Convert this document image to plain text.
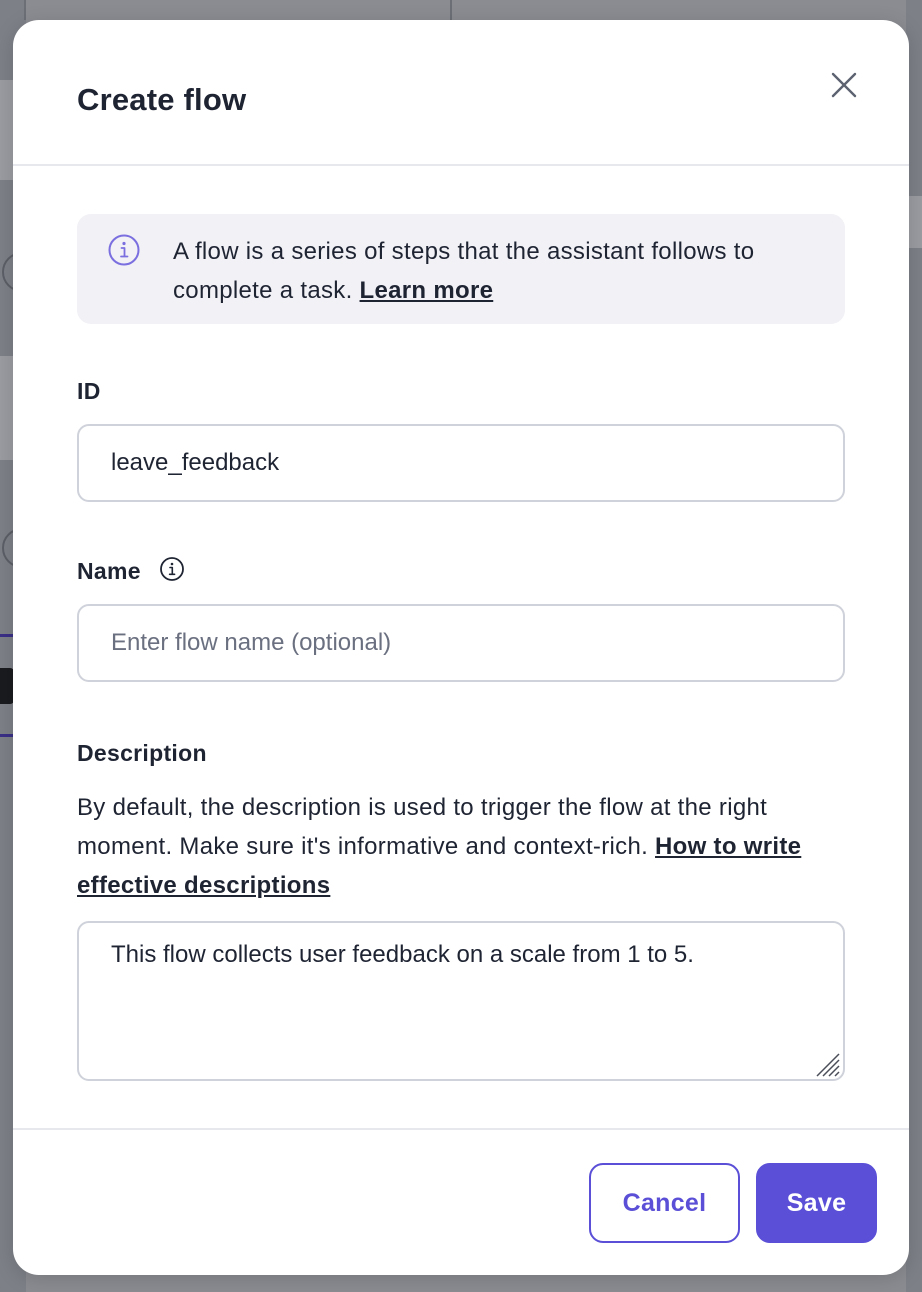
Create flow
A flow is a series of steps that the assistant follows to complete a task. Learn more
ID
leave_feedback
Name
Enter flow name (optional)
Description
By default, the description is used to trigger the flow at the right moment. Make sure it's informative and context-rich. How to write effective descriptions
This flow collects user feedback on a scale from 1 to 5.
Cancel	Save
